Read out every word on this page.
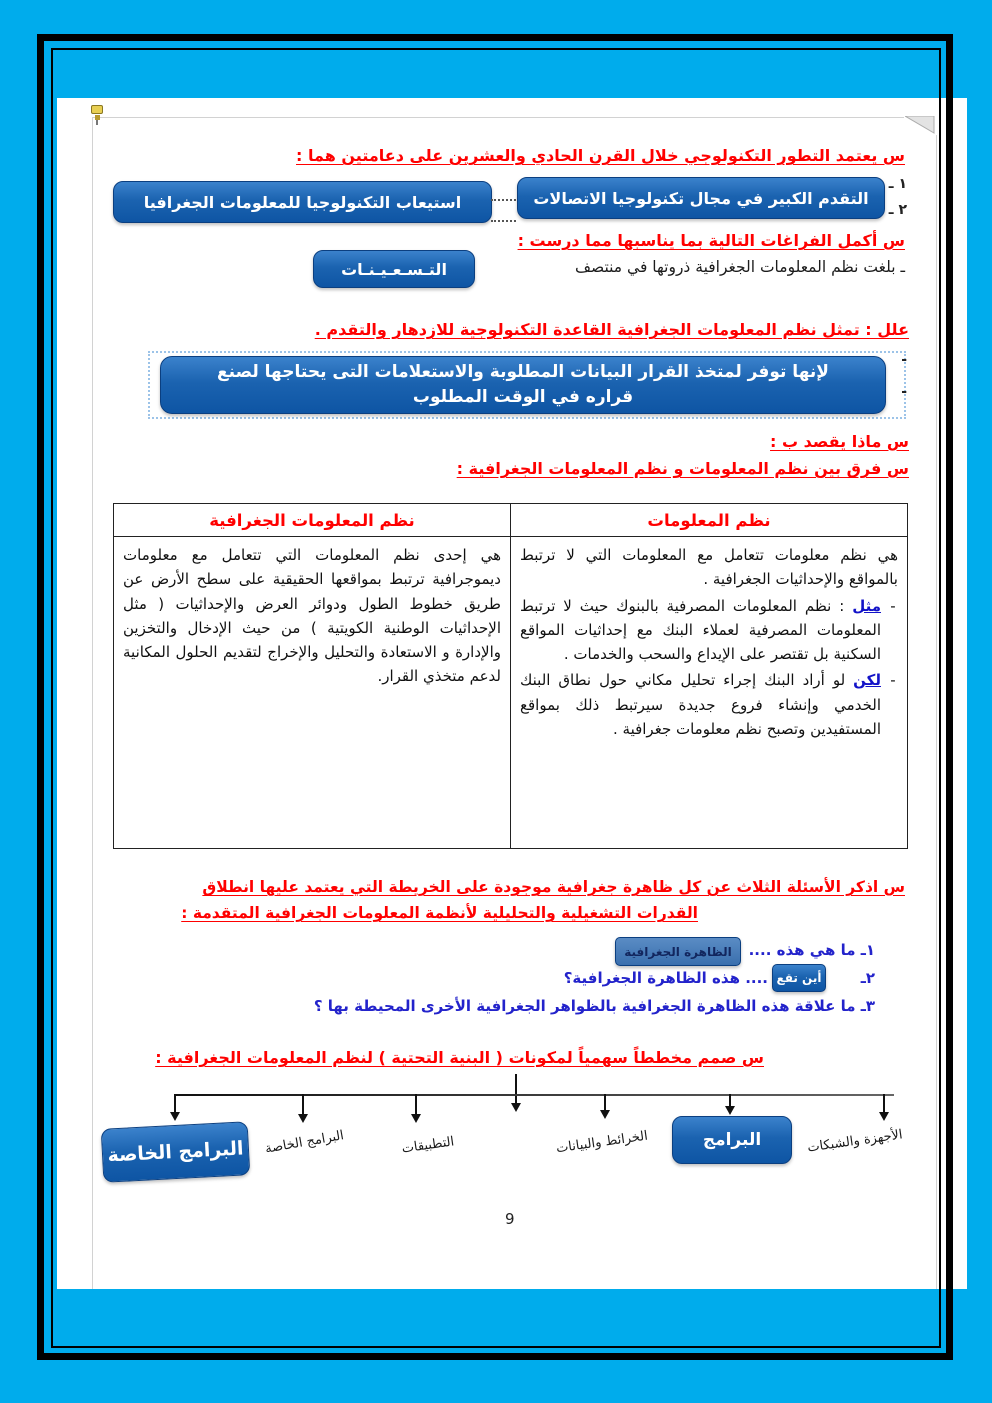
س يعتمد التطور التكنولوجي خلال القرن الحادي والعشرين على دعامتين هما :
١ ـ
٢ ـ
التقدم الكبير في مجال تكنولوجيا الاتصالات
استيعاب التكنولوجيا للمعلومات الجغرافيا
س أكمل الفراغات التالية بما يناسبها مما درست :
ـ بلغت نظم المعلومات الجغرافية ذروتها في منتصف
التـسـعـيـنـات
علل : تمثل نظم المعلومات الجغرافية القاعدة التكنولوجية للازدهار والتقدم .
لإنها توفر لمتخذ القرار البيانات المطلوبة والاستعلامات التى يحتاجها لصنع
قراره في الوقت المطلوب
-
-
س ماذا يقصد ب :
س فرق بين نظم المعلومات و نظم المعلومات الجغرافية :
نظم المعلومات	نظم المعلومات الجغرافية

هي نظم معلومات تتعامل مع المعلومات التي لا ترتبط بالمواقع والإحداثيات الجغرافية .
-
مثل : نظم المعلومات المصرفية بالبنوك حيث لا ترتبط المعلومات المصرفية لعملاء البنك مع إحداثيات المواقع السكنية بل تقتصر على الإيداع والسحب والخدمات .
-
لكن لو أراد البنك إجراء تحليل مكاني حول نطاق البنك الخدمي وإنشاء فروع جديدة سيرتبط ذلك بمواقع المستفيدين وتصبح نظم معلومات جغرافية .

هي إحدى نظم المعلومات التي تتعامل مع معلومات ديموجرافية ترتبط بمواقعها الحقيقية على سطح الأرض عن طريق خطوط الطول ودوائر العرض والإحداثيات ( مثل الإحداثيات الوطنية الكويتية ) من حيث الإدخال والتخزين والإدارة و الاستعادة والتحليل والإخراج لتقديم الحلول المكانية لدعم متخذي القرار.
س اذكر الأسئلة الثلاث عن كل ظاهرة جغرافية موجودة على الخريطة التي يعتمد عليها انطلاق
القدرات التشغيلية والتحليلية لأنظمة المعلومات الجغرافية المتقدمة :
١ـ ما هي هذه ....
الظاهرة الجغرافية
٢ـ
أين تقع
.... هذه الظاهرة الجغرافية؟
٣ـ ما علاقة هذه الظاهرة الجغرافية بالظواهر الجغرافية الأخرى المحيطة بها ؟
س صمم مخططاً سهمياً لمكونات ( البنية التحتية ) لنظم المعلومات الجغرافية :
الأجهزة والشبكات
البرامج
الخرائط والبيانات
التطبيقات
البرامج الخاصة
البرامج الخاصة
9
